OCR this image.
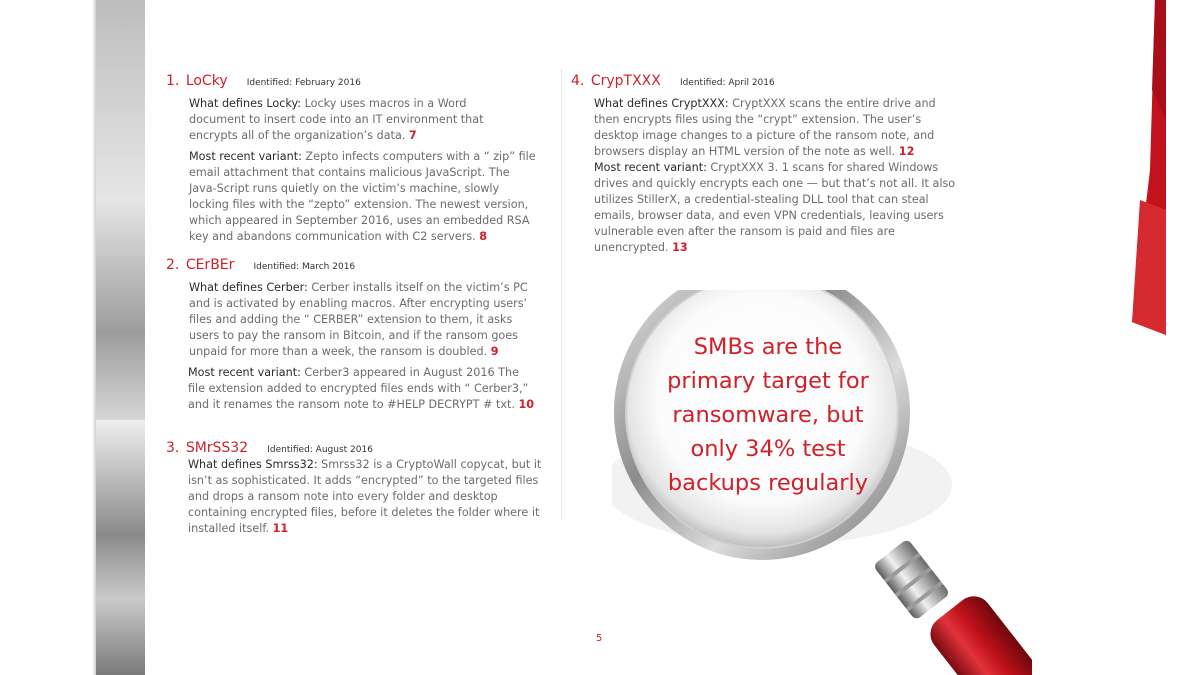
1. LoCky Identified: February 2016
What defines Locky: Locky uses macros in a Word document to insert code into an IT environment that encrypts all of the organization’s data. 7
Most recent variant: Zepto infects computers with a “ zip” file email attachment that contains malicious JavaScript. The Java-Script runs quietly on the victim’s machine, slowly locking files with the “zepto” extension. The newest version, which appeared in September 2016, uses an embedded RSA key and abandons communication with C2 servers. 8
2. CErBEr Identified: March 2016
What defines Cerber: Cerber installs itself on the victim’s PC and is activated by enabling macros. After encrypting users’ files and adding the “ CERBER” extension to them, it asks users to pay the ransom in Bitcoin, and if the ransom goes unpaid for more than a week, the ransom is doubled. 9
Most recent variant: Cerber3 appeared in August 2016 The file extension added to encrypted files ends with “ Cerber3,” and it renames the ransom note to #HELP DECRYPT # txt. 10
3. SMrSS32 Identified: August 2016
What defines Smrss32: Smrss32 is a CryptoWall copycat, but it isn’t as sophisticated. It adds “encrypted” to the targeted files and drops a ransom note into every folder and desktop containing encrypted files, before it deletes the folder where it installed itself. 11
4. CrypTXXX Identified: April 2016
What defines CryptXXX: CryptXXX scans the entire drive and then encrypts files using the “crypt” extension. The user’s desktop image changes to a picture of the ransom note, and browsers display an HTML version of the note as well. 12
Most recent variant: CryptXXX 3. 1 scans for shared Windows drives and quickly encrypts each one — but that’s not all. It also utilizes StillerX, a credential-stealing DLL tool that can steal emails, browser data, and even VPN credentials, leaving users vulnerable even after the ransom is paid and files are unencrypted. 13
SMBs are the
primary target for
ransomware, but
only 34% test
backups regularly
5
